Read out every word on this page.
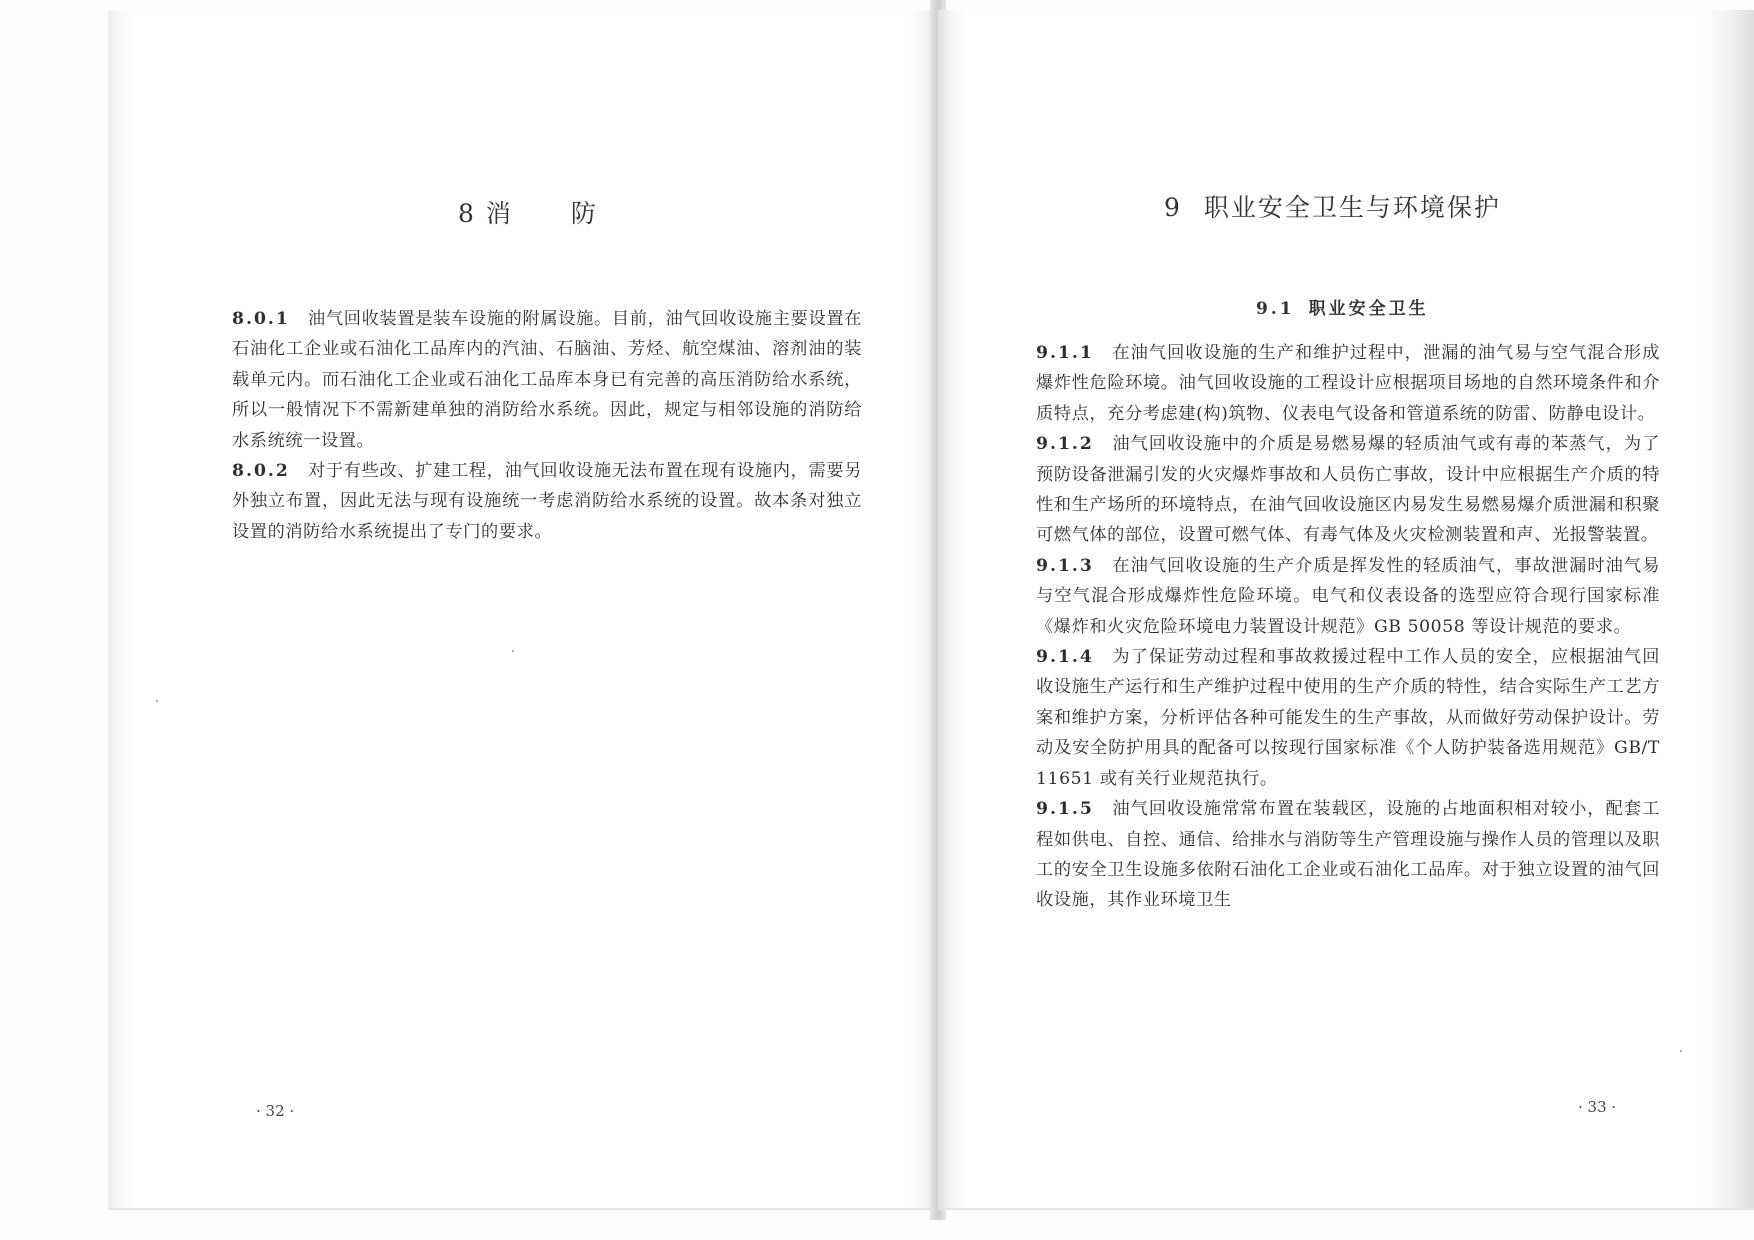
8 消防

8.0.1 油气回收装置是装车设施的附属设施。目前，油气回收设施主要设置在石油化工企业或石油化工品库内的汽油、石脑油、芳烃、航空煤油、溶剂油的装载单元内。而石油化工企业或石油化工品库本身已有完善的高压消防给水系统，所以一般情况下不需新建单独的消防给水系统。因此，规定与相邻设施的消防给水系统统一设置。

8.0.2 对于有些改、扩建工程，油气回收设施无法布置在现有设施内，需要另外独立布置，因此无法与现有设施统一考虑消防给水系统的设置。故本条对独立设置的消防给水系统提出了专门的要求。

· 32 ·
9 职业安全卫生与环境保护
9.1 职业安全卫生

9.1.1 在油气回收设施的生产和维护过程中，泄漏的油气易与空气混合形成爆炸性危险环境。油气回收设施的工程设计应根据项目场地的自然环境条件和介质特点，充分考虑建(构)筑物、仪表电气设备和管道系统的防雷、防静电设计。

9.1.2 油气回收设施中的介质是易燃易爆的轻质油气或有毒的苯蒸气，为了预防设备泄漏引发的火灾爆炸事故和人员伤亡事故，设计中应根据生产介质的特性和生产场所的环境特点，在油气回收设施区内易发生易燃易爆介质泄漏和积聚可燃气体的部位，设置可燃气体、有毒气体及火灾检测装置和声、光报警装置。

9.1.3 在油气回收设施的生产介质是挥发性的轻质油气，事故泄漏时油气易与空气混合形成爆炸性危险环境。电气和仪表设备的选型应符合现行国家标准《爆炸和火灾危险环境电力装置设计规范》GB 50058 等设计规范的要求。

9.1.4 为了保证劳动过程和事故救援过程中工作人员的安全，应根据油气回收设施生产运行和生产维护过程中使用的生产介质的特性，结合实际生产工艺方案和维护方案，分析评估各种可能发生的生产事故，从而做好劳动保护设计。劳动及安全防护用具的配备可以按现行国家标准《个人防护装备选用规范》GB/T 11651 或有关行业规范执行。

9.1.5 油气回收设施常常布置在装载区，设施的占地面积相对较小，配套工程如供电、自控、通信、给排水与消防等生产管理设施与操作人员的管理以及职工的安全卫生设施多依附石油化工企业或石油化工品库。对于独立设置的油气回收设施，其作业环境卫生

· 33 ·
